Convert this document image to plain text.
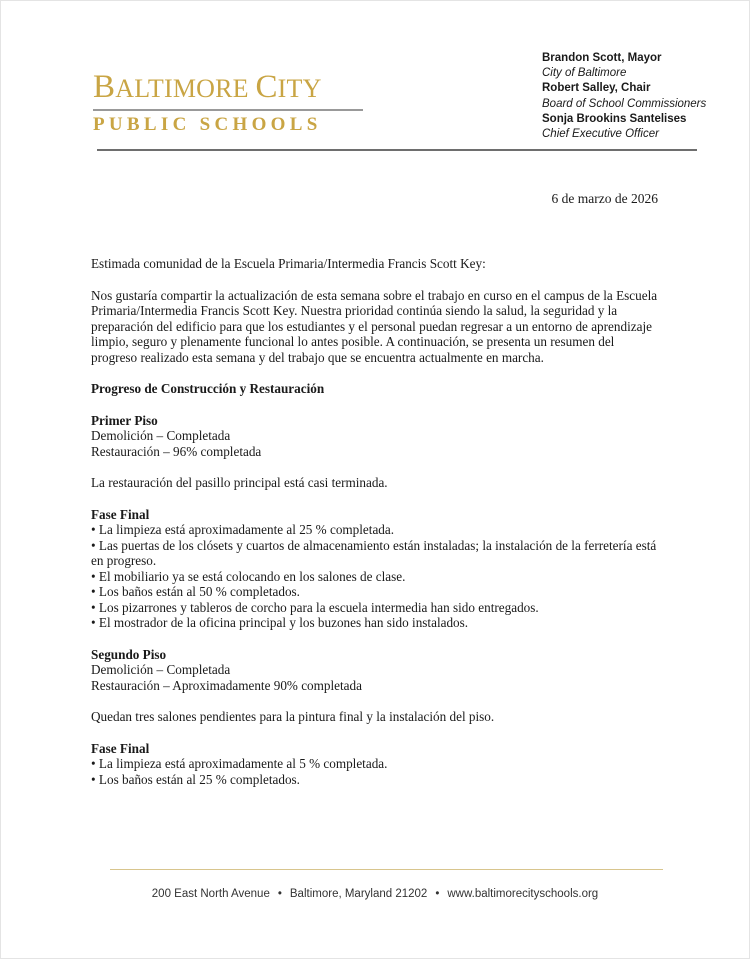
BALTIMORE CITY
PUBLIC SCHOOLS
Brandon Scott, Mayor
City of Baltimore
Robert Salley, Chair
Board of School Commissioners
Sonja Brookins Santelises
Chief Executive Officer
6 de marzo de 2026

Estimada comunidad de la Escuela Primaria/Intermedia Francis Scott Key:

Nos gustaría compartir la actualización de esta semana sobre el trabajo en curso en el campus de la Escuela Primaria/Intermedia Francis Scott Key. Nuestra prioridad continúa siendo la salud, la seguridad y la preparación del edificio para que los estudiantes y el personal puedan regresar a un entorno de aprendizaje limpio, seguro y plenamente funcional lo antes posible. A continuación, se presenta un resumen del progreso realizado esta semana y del trabajo que se encuentra actualmente en marcha.

Progreso de Construcción y Restauración

Primer Piso
Demolición – Completada
Restauración – 96% completada

La restauración del pasillo principal está casi terminada.

Fase Final
• La limpieza está aproximadamente al 25 % completada.
• Las puertas de los clósets y cuartos de almacenamiento están instaladas; la instalación de la ferretería está en progreso.
• El mobiliario ya se está colocando en los salones de clase.
• Los baños están al 50 % completados.
• Los pizarrones y tableros de corcho para la escuela intermedia han sido entregados.
• El mostrador de la oficina principal y los buzones han sido instalados.
Segundo Piso
Demolición – Completada
Restauración – Aproximadamente 90% completada

Quedan tres salones pendientes para la pintura final y la instalación del piso.

Fase Final
• La limpieza está aproximadamente al 5 % completada.
• Los baños están al 25 % completados.
200 East North Avenue • Baltimore, Maryland 21202 • www.baltimorecityschools.org
